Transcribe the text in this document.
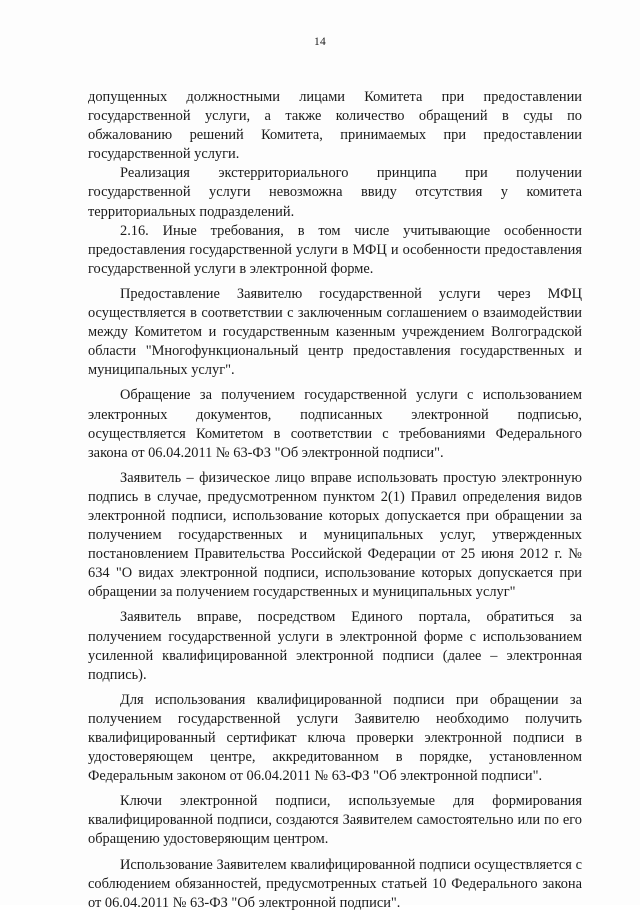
14

допущенных должностными лицами Комитета при предоставлении государственной услуги, а также количество обращений в суды по обжалованию решений Комитета, принимаемых при предоставлении государственной услуги.

Реализация экстерриториального принципа при получении государственной услуги невозможна ввиду отсутствия у комитета территориальных подразделений.

2.16. Иные требования, в том числе учитывающие особенности предоставления государственной услуги в МФЦ и особенности предоставления государственной услуги в электронной форме.

Предоставление Заявителю государственной услуги через МФЦ осуществляется в соответствии с заключенным соглашением о взаимодействии между Комитетом и государственным казенным учреждением Волгоградской области "Многофункциональный центр предоставления государственных и муниципальных услуг".

Обращение за получением государственной услуги с использованием электронных документов, подписанных электронной подписью, осуществляется Комитетом в соответствии с требованиями Федерального закона от 06.04.2011 № 63-ФЗ "Об электронной подписи".

Заявитель – физическое лицо вправе использовать простую электронную подпись в случае, предусмотренном пунктом 2(1) Правил определения видов электронной подписи, использование которых допускается при обращении за получением государственных и муниципальных услуг, утвержденных постановлением Правительства Российской Федерации от 25 июня 2012 г. № 634 "О видах электронной подписи, использование которых допускается при обращении за получением государственных и муниципальных услуг"

Заявитель вправе, посредством Единого портала, обратиться за получением государственной услуги в электронной форме с использованием усиленной квалифицированной электронной подписи (далее – электронная подпись).

Для использования квалифицированной подписи при обращении за получением государственной услуги Заявителю необходимо получить квалифицированный сертификат ключа проверки электронной подписи в удостоверяющем центре, аккредитованном в порядке, установленном Федеральным законом от 06.04.2011 № 63-ФЗ "Об электронной подписи".

Ключи электронной подписи, используемые для формирования квалифицированной подписи, создаются Заявителем самостоятельно или по его обращению удостоверяющим центром.

Использование Заявителем квалифицированной подписи осуществляется с соблюдением обязанностей, предусмотренных статьей 10 Федерального закона от 06.04.2011 № 63-ФЗ "Об электронной подписи".
